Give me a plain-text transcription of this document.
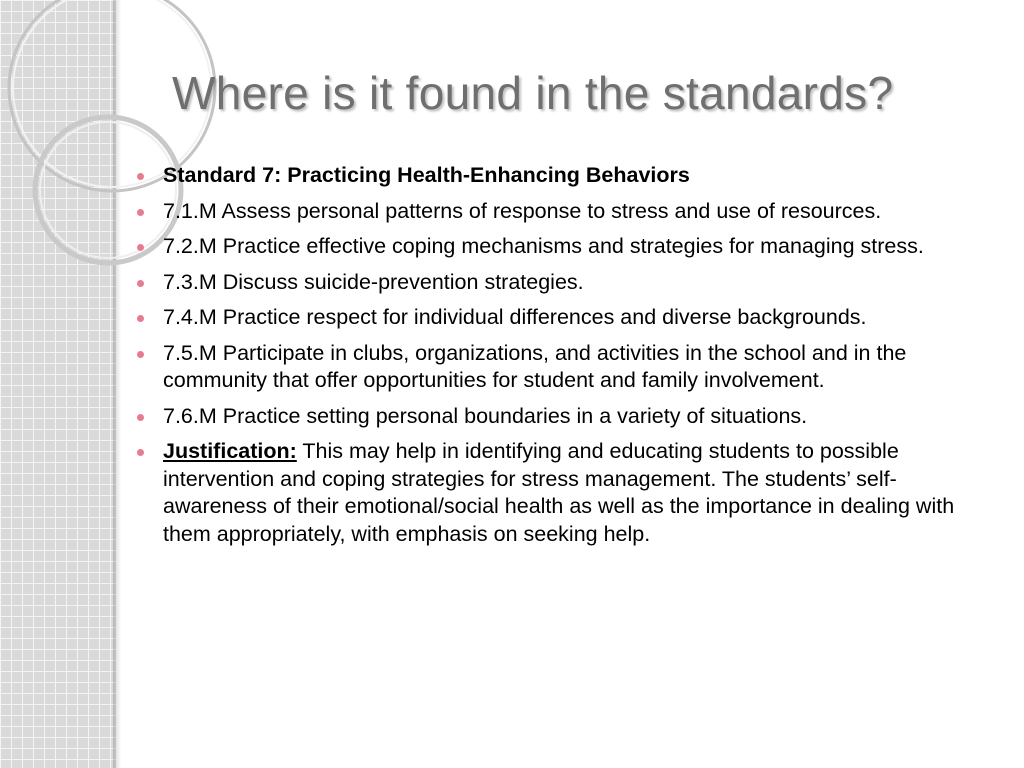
Where is it found in the standards?
Standard 7: Practicing Health-Enhancing Behaviors
7.1.M Assess personal patterns of response to stress and use of resources.
7.2.M Practice effective coping mechanisms and strategies for managing stress.
7.3.M Discuss suicide-prevention strategies.
7.4.M Practice respect for individual differences and diverse backgrounds.
7.5.M Participate in clubs, organizations, and activities in the school and in the community that offer opportunities for student and family involvement.
7.6.M Practice setting personal boundaries in a variety of situations.
Justification: This may help in identifying and educating students to possible intervention and coping strategies for stress management. The students’ self-awareness of their emotional/social health as well as the importance in dealing with them appropriately, with emphasis on seeking help.
